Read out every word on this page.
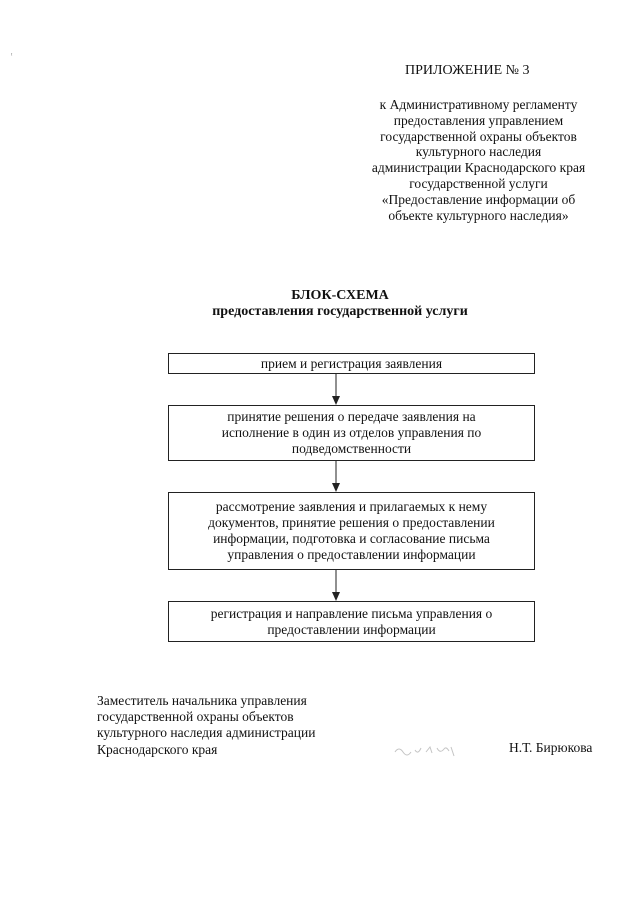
ᶦ
ПРИЛОЖЕНИЕ № 3
к Административному регламенту
предоставления управлением
государственной охраны объектов
культурного наследия
администрации Краснодарского края
государственной услуги
«Предоставление информации об
объекте культурного наследия»
БЛОК-СХЕМА
предоставления государственной услуги
прием и регистрация заявления
принятие решения о передаче заявления на
исполнение в один из отделов управления по
подведомственности
рассмотрение заявления и прилагаемых к нему
документов, принятие решения о предоставлении
информации, подготовка и согласование письма
управления о предоставлении информации
регистрация и направление письма управления о
предоставлении информации
Заместитель начальника управления
государственной охраны объектов
культурного наследия администрации
Краснодарского края	Н.Т. Бирюкова
